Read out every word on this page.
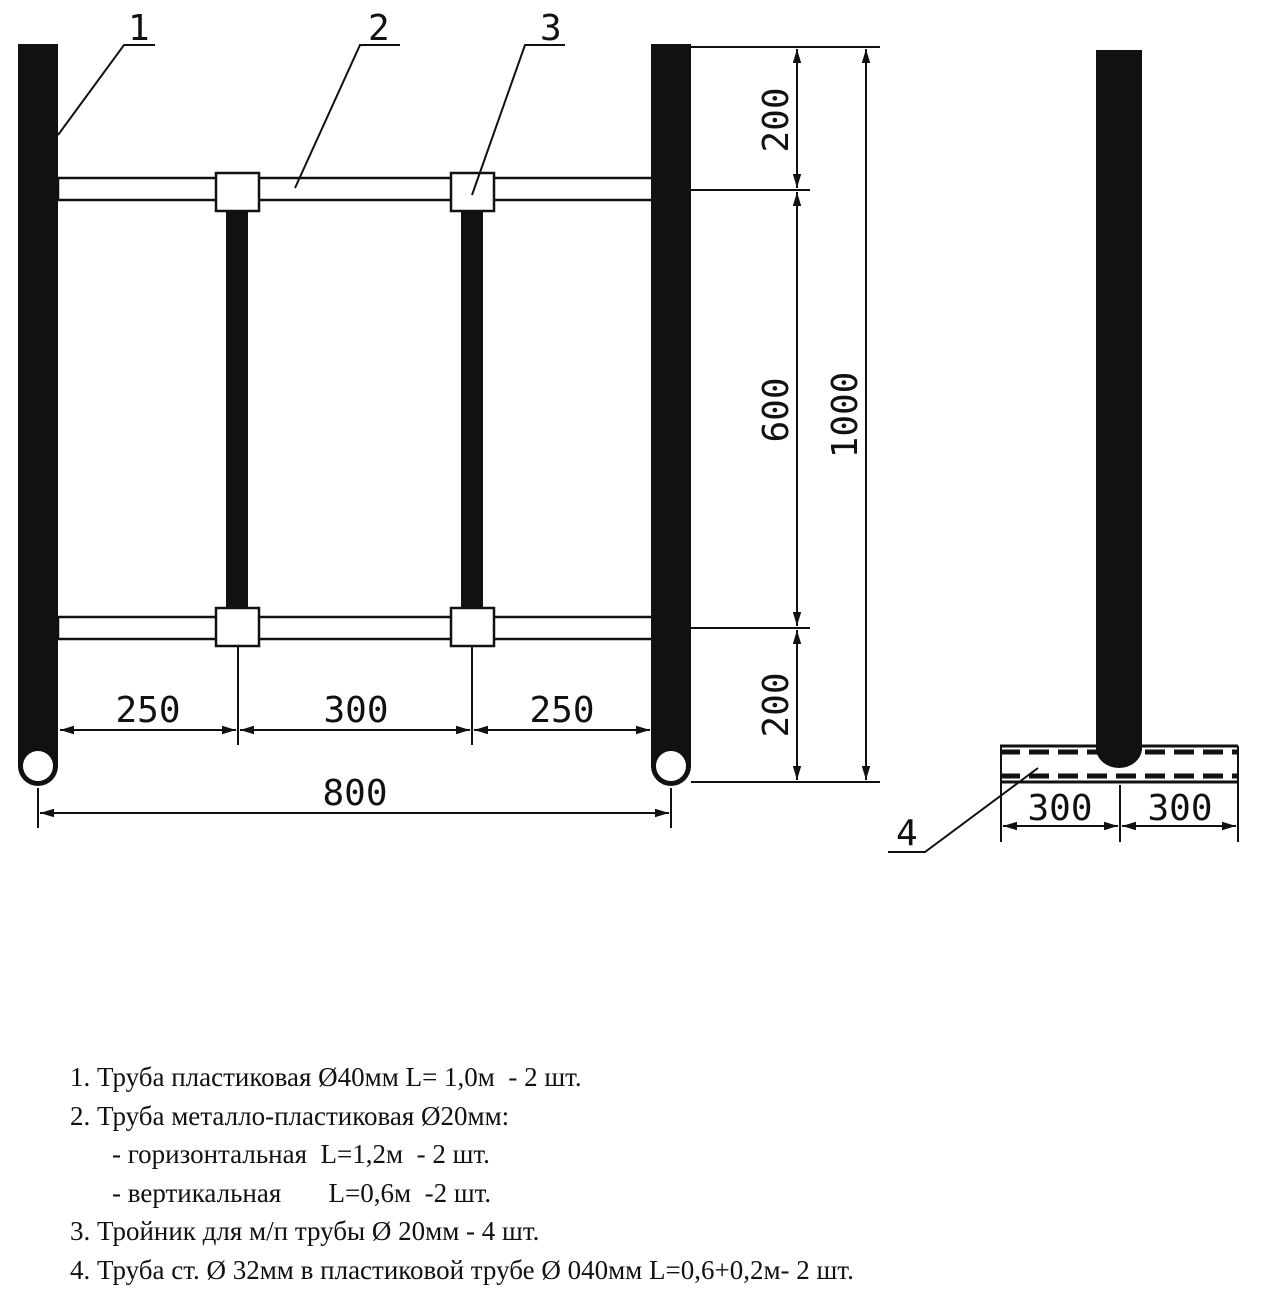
1	2	3
250	300	250
800
200
600
200
1000
300 300
4
1. Труба пластиковая Ø40мм L= 1,0м  - 2 шт.
2. Труба металло-пластиковая Ø20мм:
- горизонтальная  L=1,2м  - 2 шт.
- вертикальная       L=0,6м  -2 шт.
3. Тройник для м/п трубы Ø 20мм - 4 шт.
4. Труба ст. Ø 32мм в пластиковой трубе Ø 040мм L=0,6+0,2м- 2 шт.
